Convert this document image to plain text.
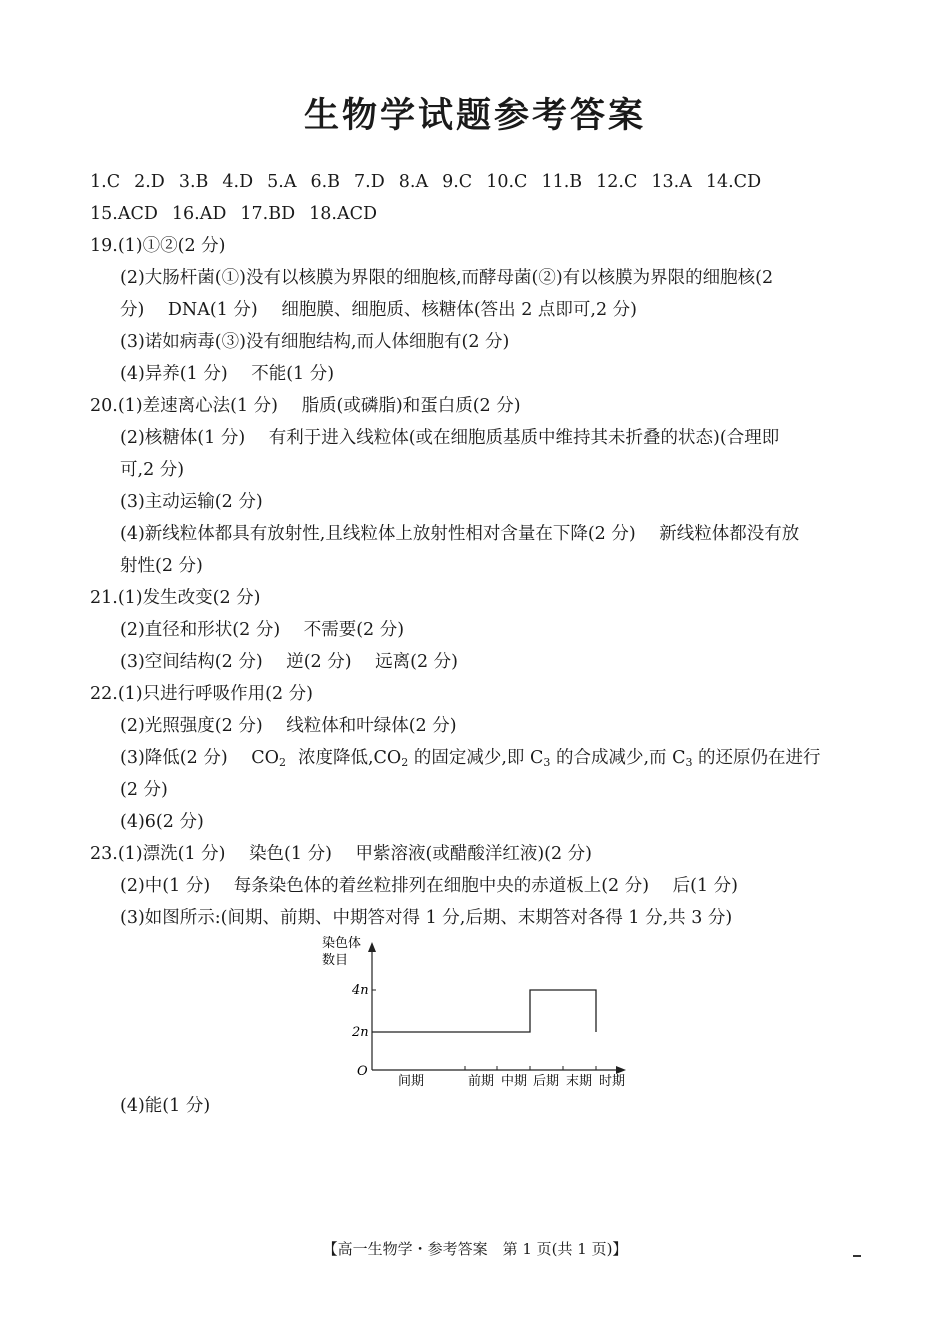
生物学试题参考答案
1.C 2.D 3.B 4.D 5.A 6.B 7.D 8.A 9.C 10.C 11.B 12.C 13.A 14.CD
15.ACD 16.AD 17.BD 18.ACD
19.(1)①②(2 分)
(2)大肠杆菌(①)没有以核膜为界限的细胞核,而酵母菌(②)有以核膜为界限的细胞核(2
分) DNA(1 分) 细胞膜、细胞质、核糖体(答出 2 点即可,2 分)
(3)诺如病毒(③)没有细胞结构,而人体细胞有(2 分)
(4)异养(1 分) 不能(1 分)
20.(1)差速离心法(1 分) 脂质(或磷脂)和蛋白质(2 分)
(2)核糖体(1 分) 有利于进入线粒体(或在细胞质基质中维持其未折叠的状态)(合理即
可,2 分)
(3)主动运输(2 分)
(4)新线粒体都具有放射性,且线粒体上放射性相对含量在下降(2 分) 新线粒体都没有放
射性(2 分)
21.(1)发生改变(2 分)
(2)直径和形状(2 分) 不需要(2 分)
(3)空间结构(2 分) 逆(2 分) 远离(2 分)
22.(1)只进行呼吸作用(2 分)
(2)光照强度(2 分) 线粒体和叶绿体(2 分)
(3)降低(2 分) $CO_2$ 浓度降低$,CO_2$ 的固定减少,即 $C_3$ 的合成减少,而 $C_3$ 的还原仍在进行
(2 分)
(4)6(2 分)
23.(1)漂洗(1 分) 染色(1 分) 甲紫溶液(或醋酸洋红液)(2 分)
(2)中(1 分) 每条染色体的着丝粒排列在细胞中央的赤道板上(2 分) 后(1 分)
(3)如图所示:(间期、前期、中期答对得 1 分,后期、末期答对各得 1 分,共 3 分)
染色体
数目
O
4n
2n
间期	前期 中期 后期 末期 时期
(4)能(1 分)
【高一生物学・参考答案　第 1 页(共 1 页)】
